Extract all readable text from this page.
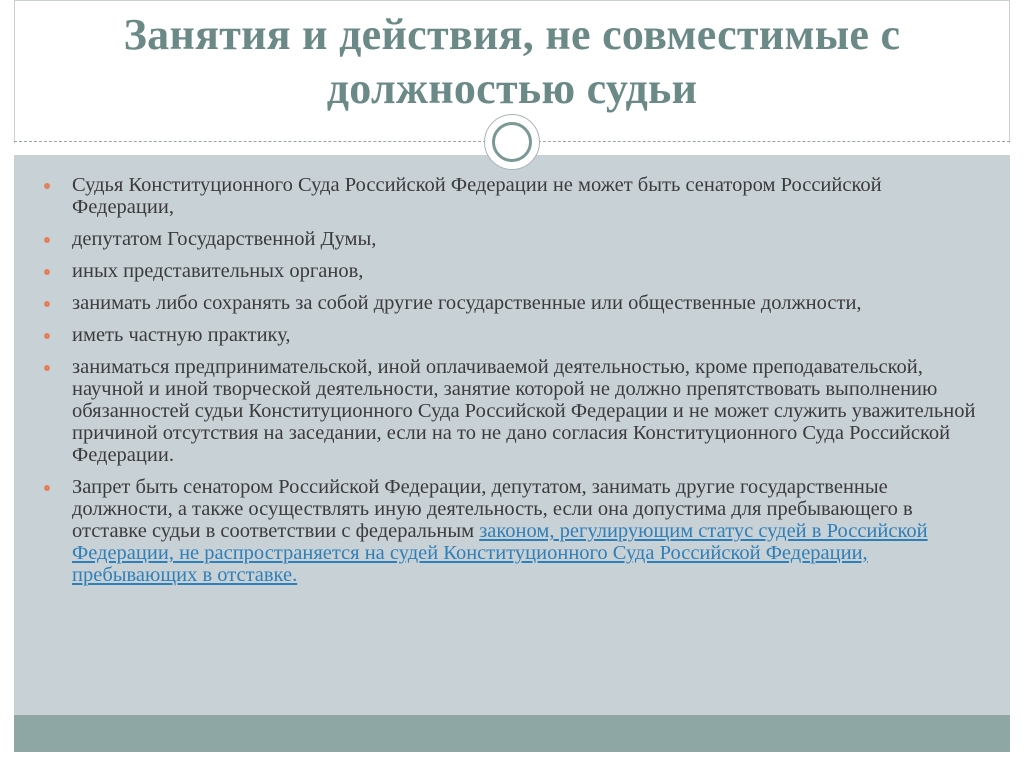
Занятия и действия, не совместимые с
должностью судьи
Судья Конституционного Суда Российской Федерации не может быть сенатором Российской Федерации,
депутатом Государственной Думы,
иных представительных органов,
занимать либо сохранять за собой другие государственные или общественные должности,
иметь частную практику,
заниматься предпринимательской, иной оплачиваемой деятельностью, кроме преподавательской, научной и иной творческой деятельности, занятие которой не должно препятствовать выполнению обязанностей судьи Конституционного Суда Российской Федерации и не может служить уважительной причиной отсутствия на заседании, если на то не дано согласия Конституционного Суда Российской Федерации.
Запрет быть сенатором Российской Федерации, депутатом, занимать другие государственные должности, а также осуществлять иную деятельность, если она допустима для пребывающего в отставке судьи в соответствии с федеральным законом, регулирующим статус судей в Российской Федерации, не распространяется на судей Конституционного Суда Российской Федерации, пребывающих в отставке.
